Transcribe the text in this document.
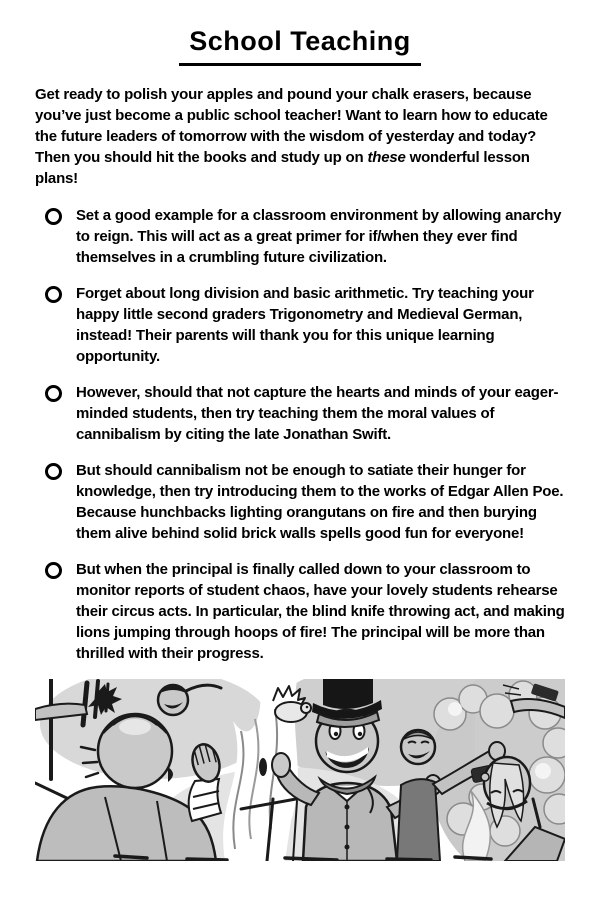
School Teaching

Get ready to polish your apples and pound your chalk erasers, because you’ve just become a public school teacher! Want to learn how to educate the future leaders of tomorrow with the wisdom of yesterday and today? Then you should hit the books and study up on these wonderful lesson plans!

Set a good example for a classroom environment by allowing anarchy to reign. This will act as a great primer for if/when they ever find themselves in a crumbling future civilization.
Forget about long division and basic arithmetic. Try teaching your happy little second graders Trigonometry and Medieval German, instead! Their parents will thank you for this unique learning opportunity.
However, should that not capture the hearts and minds of your eager-minded students, then try teaching them the moral values of cannibalism by citing the late Jonathan Swift.
But should cannibalism not be enough to satiate their hunger for knowledge, then try introducing them to the works of Edgar Allen Poe. Because hunchbacks lighting orangutans on fire and then burying them alive behind solid brick walls spells good fun for everyone!
But when the principal is finally called down to your classroom to monitor reports of student chaos, have your lovely students rehearse their circus acts. In particular, the blind knife throwing act, and making lions jumping through hoops of fire! The principal will be more than thrilled with their progress.
